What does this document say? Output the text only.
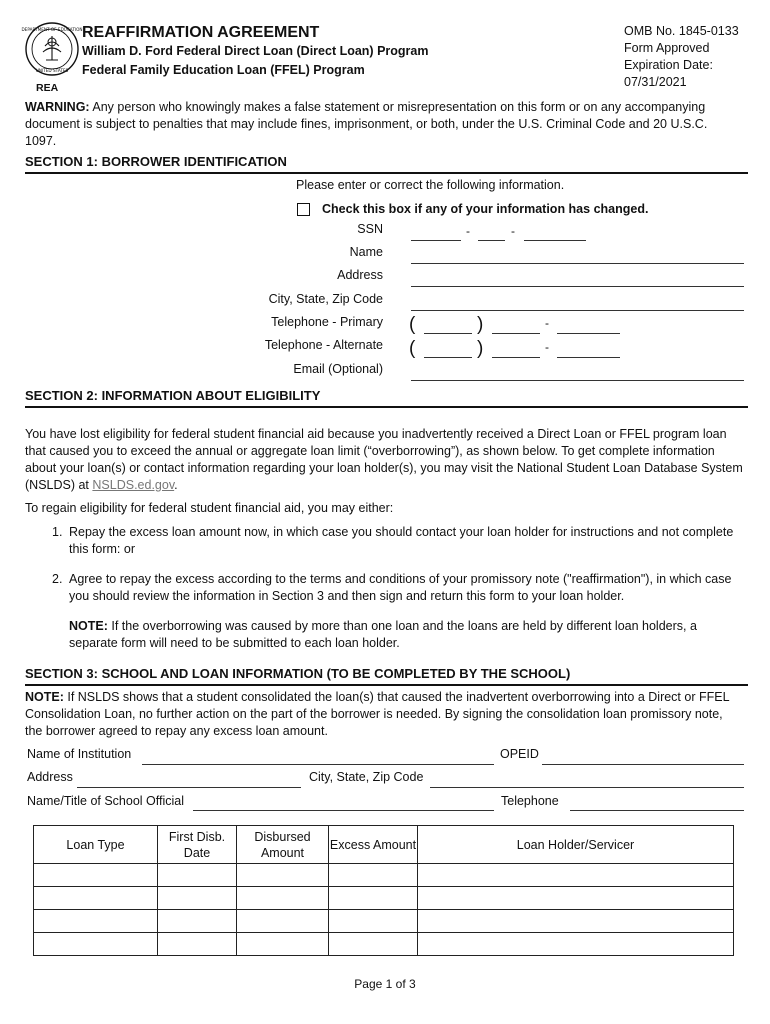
DEPARTMENT OF EDUCATION
UNITED STATES
REAFFIRMATION AGREEMENT
William D. Ford Federal Direct Loan (Direct Loan) Program
Federal Family Education Loan (FFEL) Program
REA
OMB No. 1845-0133
Form Approved
Expiration Date:
07/31/2021
WARNING: Any person who knowingly makes a false statement or misrepresentation on this form or on any accompanying document is subject to penalties that may include fines, imprisonment, or both, under the U.S. Criminal Code and 20 U.S.C. 1097.
SECTION 1: BORROWER IDENTIFICATION
Please enter or correct the following information.
Check this box if any of your information has changed.
SSN	-	-
Name
Address
City, State, Zip Code
Telephone - Primary (	)	-
Telephone - Alternate (	)	-
Email (Optional)
SECTION 2: INFORMATION ABOUT ELIGIBILITY
You have lost eligibility for federal student financial aid because you inadvertently received a Direct Loan or FFEL program loan that caused you to exceed the annual or aggregate loan limit (“overborrowing”), as shown below. To get complete information about your loan(s) or contact information regarding your loan holder(s), you may visit the National Student Loan Database System (NSLDS) at NSLDS.ed.gov.
To regain eligibility for federal student financial aid, you may either:
1. Repay the excess loan amount now, in which case you should contact your loan holder for instructions and not complete this form: or
2. Agree to repay the excess according to the terms and conditions of your promissory note ("reaffirmation"), in which case you should review the information in Section 3 and then sign and return this form to your loan holder.
NOTE: If the overborrowing was caused by more than one loan and the loans are held by different loan holders, a separate form will need to be submitted to each loan holder.
SECTION 3: SCHOOL AND LOAN INFORMATION (TO BE COMPLETED BY THE SCHOOL)
NOTE: If NSLDS shows that a student consolidated the loan(s) that caused the inadvertent overborrowing into a Direct or FFEL Consolidation Loan, no further action on the part of the borrower is needed. By signing the consolidation loan promissory note, the borrower agreed to repay any excess loan amount.
Name of Institution	OPEID
Address	City, State, Zip Code
Name/Title of School Official	Telephone
Loan Type	First Disb. Date	Disbursed Amount	Excess Amount	Loan Holder/Servicer

Page 1 of 3
